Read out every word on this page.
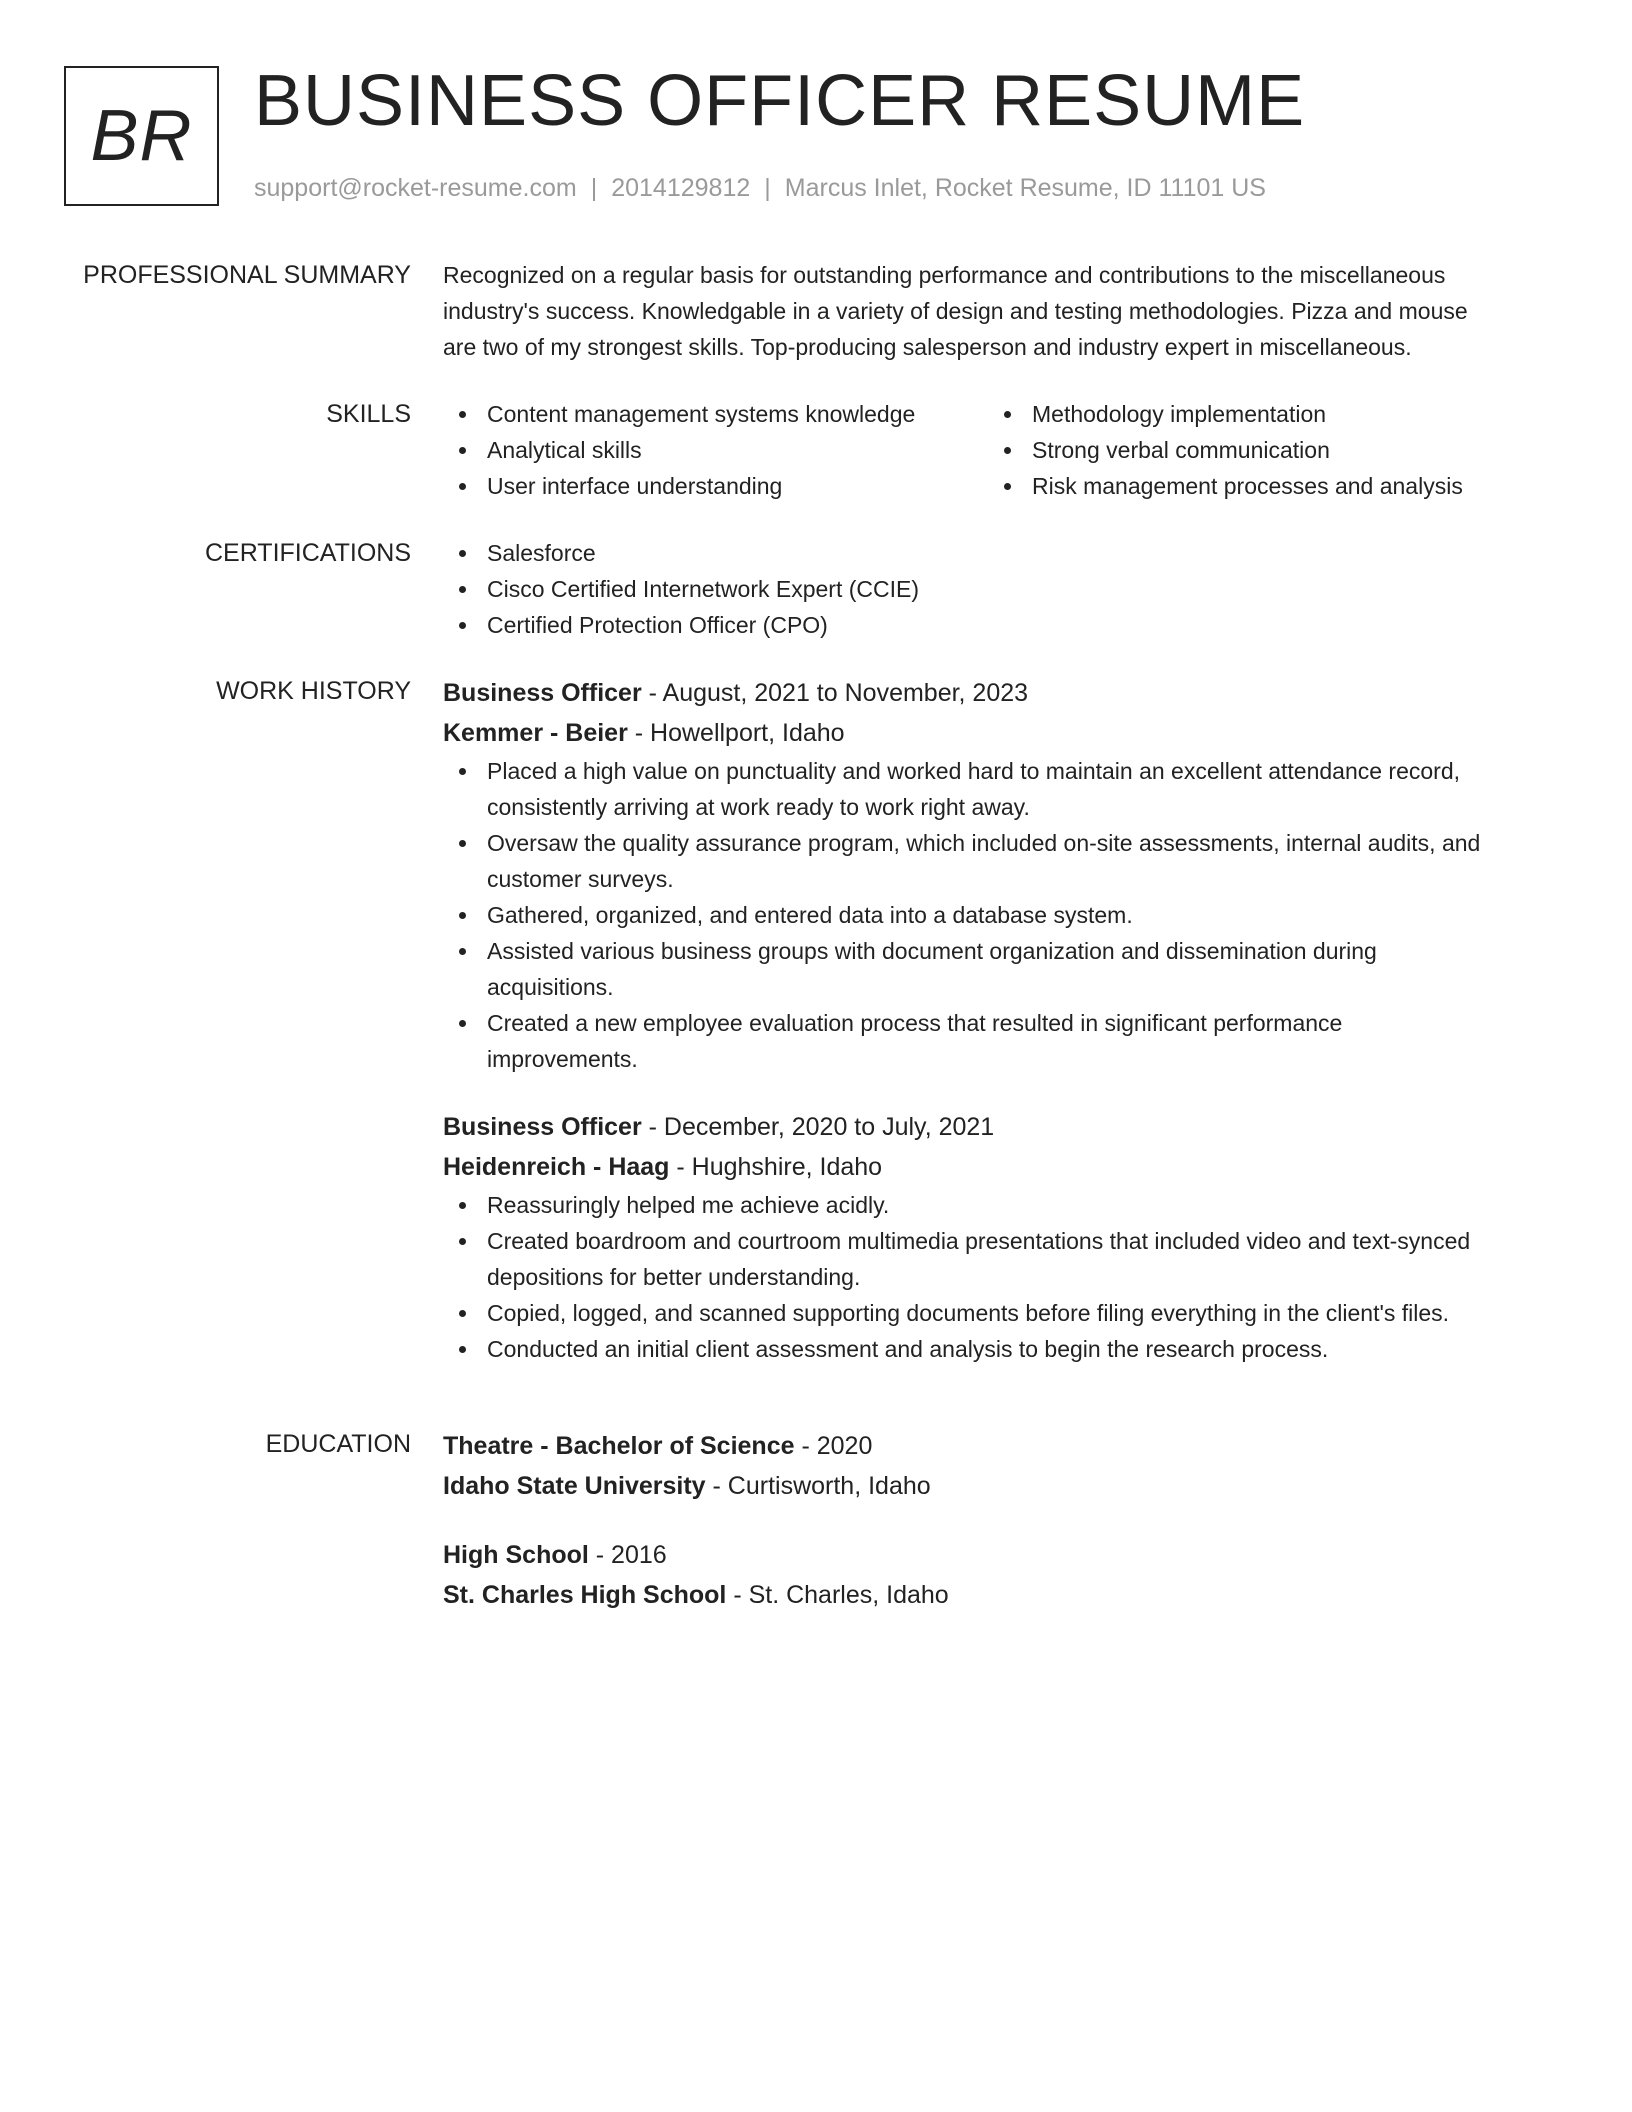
BR BUSINESS OFFICER RESUME
support@rocket-resume.com | 2014129812 | Marcus Inlet, Rocket Resume, ID 11101 US
PROFESSIONAL SUMMARY Recognized on a regular basis for outstanding performance and contributions to the miscellaneous
industry's success. Knowledgable in a variety of design and testing methodologies. Pizza and mouse
are two of my strongest skills. Top-producing salesperson and industry expert in miscellaneous.
SKILLS	Content management systems knowledge
Analytical skills
User interface understanding
Methodology implementation
Strong verbal communication
Risk management processes and analysis
CERTIFICATIONS	Salesforce
Cisco Certified Internetwork Expert (CCIE)
Certified Protection Officer (CPO)
WORK HISTORY Business Officer - August, 2021 to November, 2023
Kemmer - Beier - Howellport, Idaho
Placed a high value on punctuality and worked hard to maintain an excellent attendance record,
consistently arriving at work ready to work right away.
Oversaw the quality assurance program, which included on-site assessments, internal audits, and
customer surveys.
Gathered, organized, and entered data into a database system.
Assisted various business groups with document organization and dissemination during
acquisitions.
Created a new employee evaluation process that resulted in significant performance
improvements.
Business Officer - December, 2020 to July, 2021
Heidenreich - Haag - Hughshire, Idaho
Reassuringly helped me achieve acidly.
Created boardroom and courtroom multimedia presentations that included video and text-synced
depositions for better understanding.
Copied, logged, and scanned supporting documents before filing everything in the client's files.
Conducted an initial client assessment and analysis to begin the research process.
EDUCATION Theatre - Bachelor of Science - 2020
Idaho State University - Curtisworth, Idaho
High School - 2016
St. Charles High School - St. Charles, Idaho
